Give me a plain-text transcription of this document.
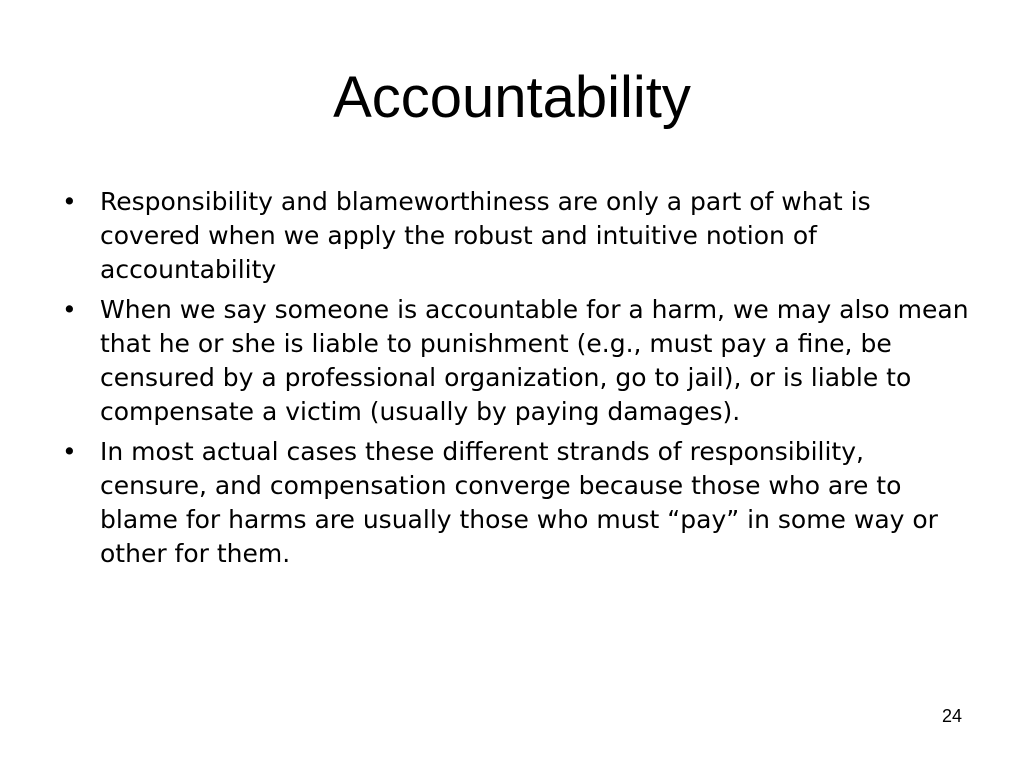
Accountability
• Responsibility and blameworthiness are only a part of what is covered when we apply the robust and intuitive notion of accountability
• When we say someone is accountable for a harm, we may also mean that he or she is liable to punishment (e.g., must pay a fine, be censured by a professional organization, go to jail), or is liable to compensate a victim (usually by paying damages).
• In most actual cases these different strands of responsibility, censure, and compensation converge because those who are to blame for harms are usually those who must “pay” in some way or other for them.
24
